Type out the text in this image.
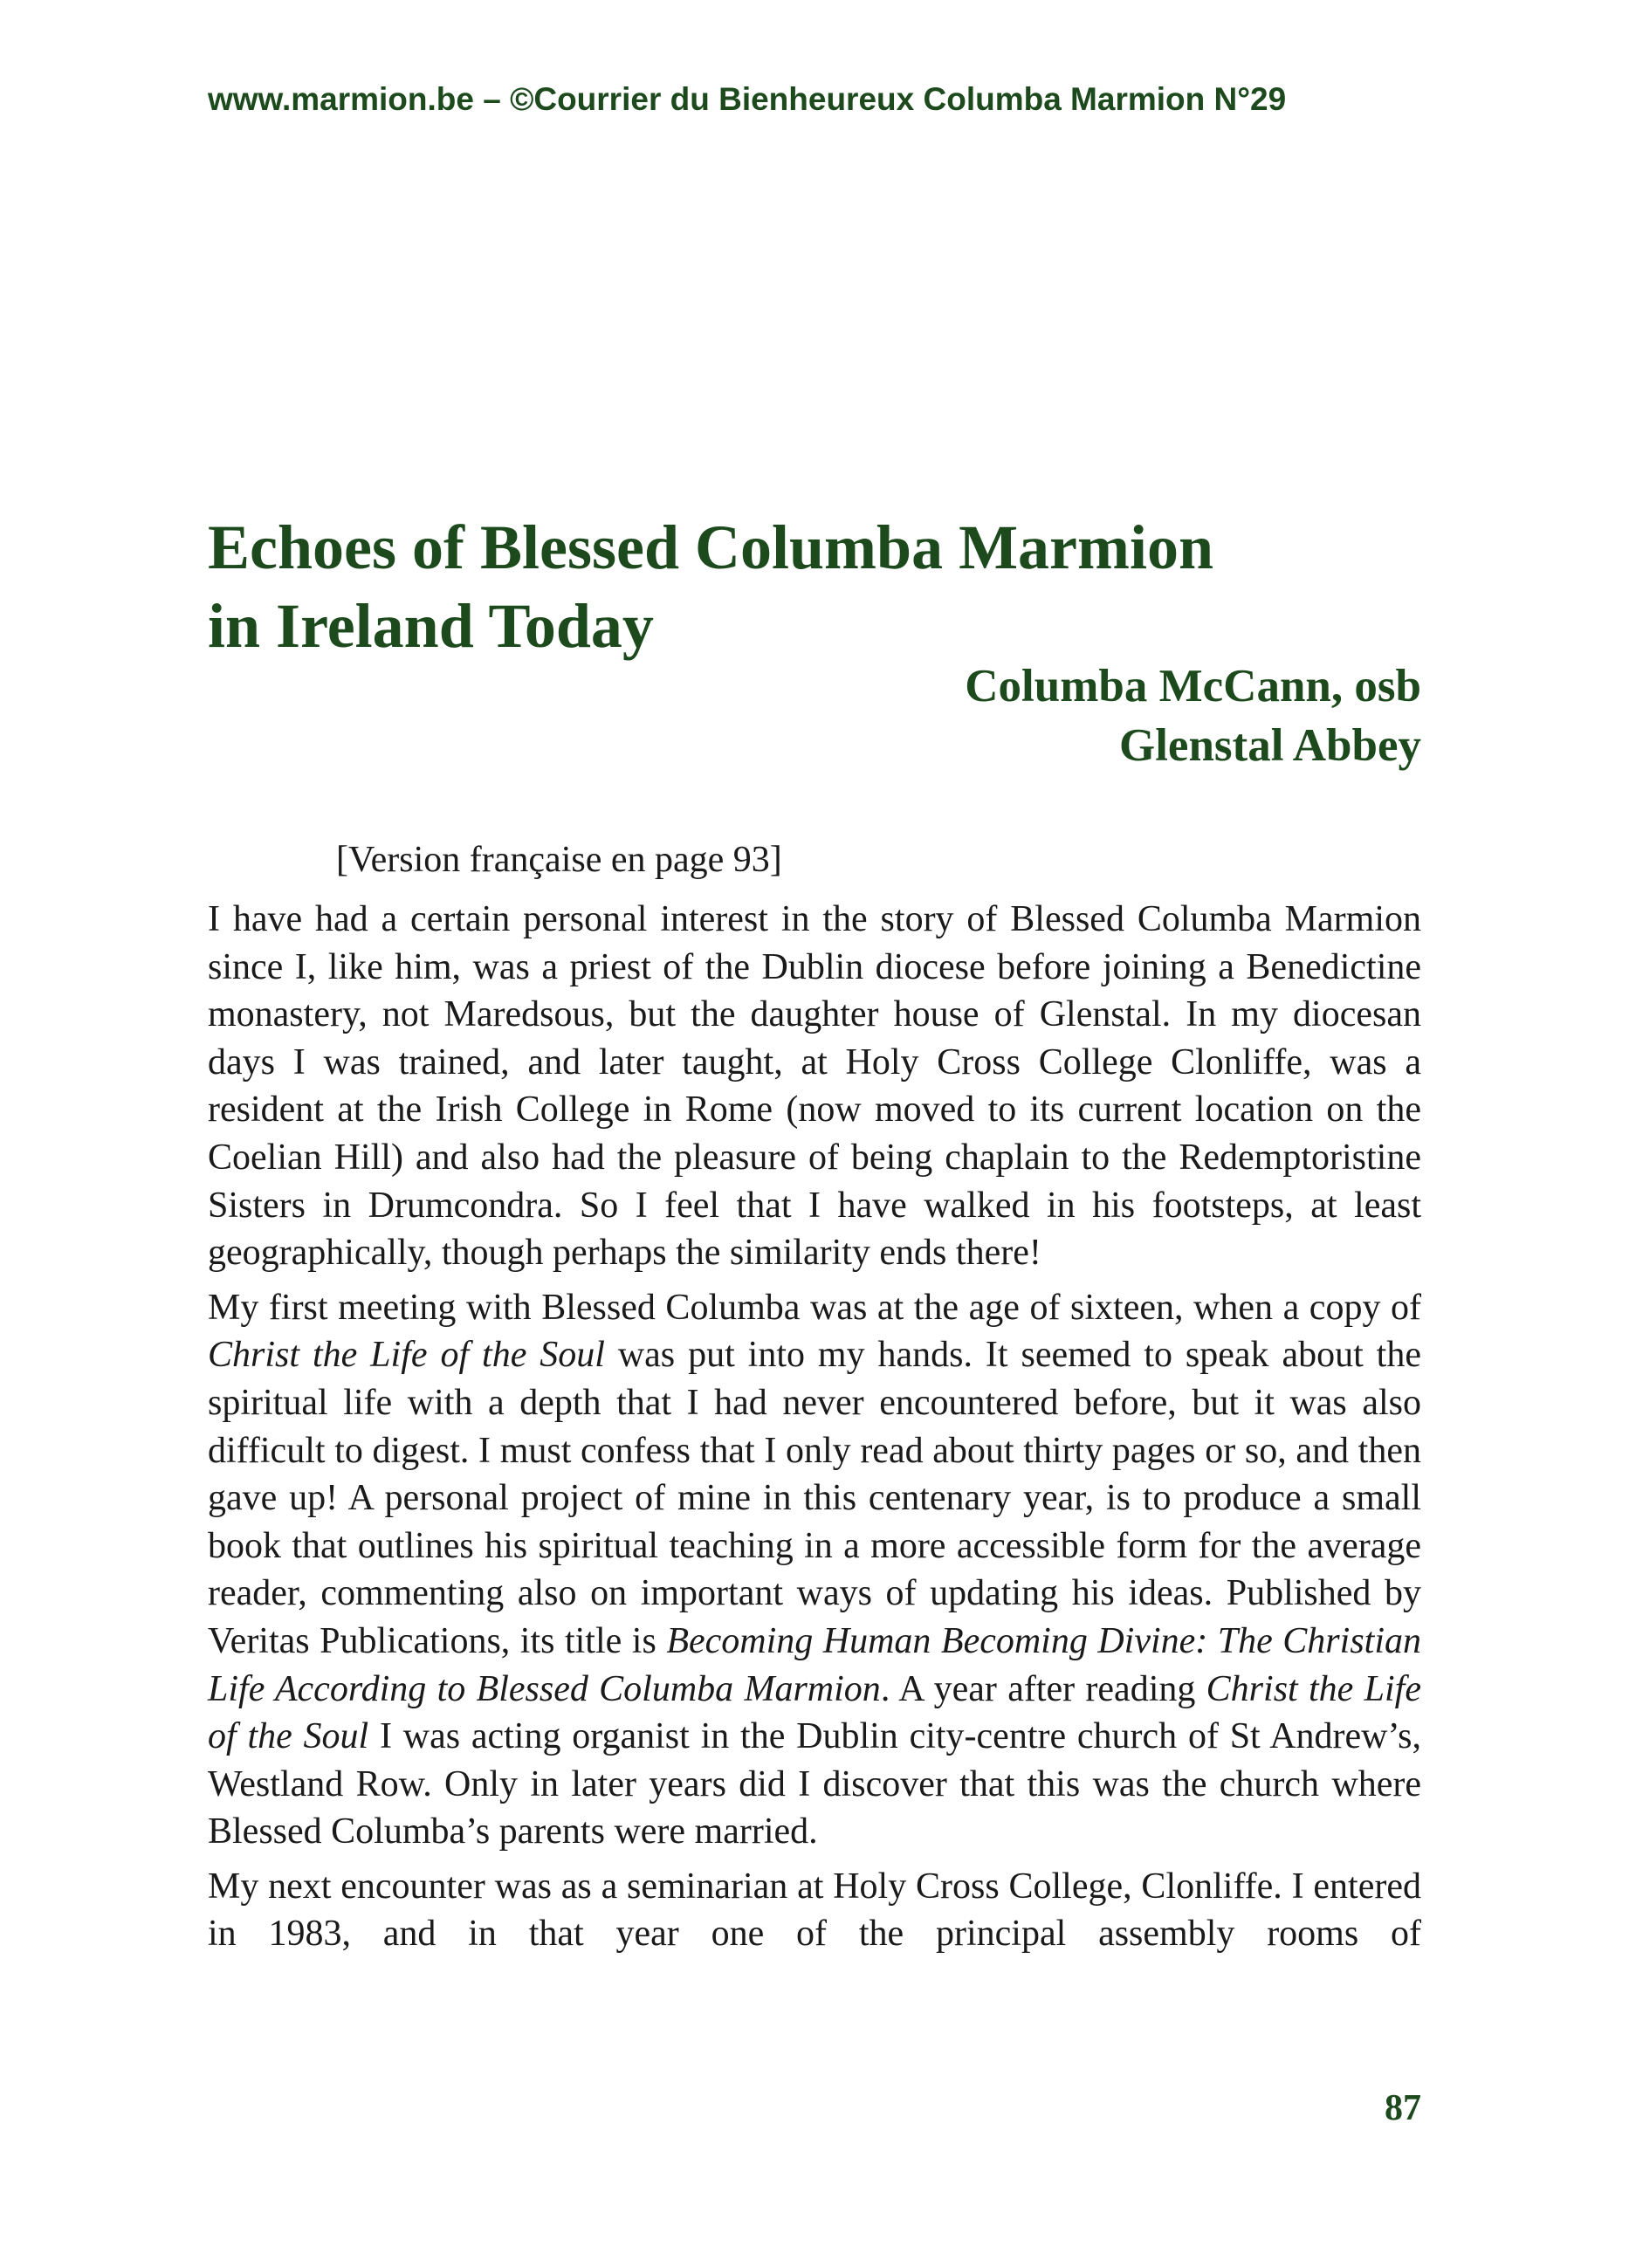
www.marmion.be – ©Courrier du Bienheureux Columba Marmion N°29
Echoes of Blessed Columba Marmion
in Ireland Today
Columba McCann, osb
Glenstal Abbey
[Version française en page 93]

I have had a certain personal interest in the story of Blessed Columba Marmion since I, like him, was a priest of the Dublin diocese before joining a Benedictine monastery, not Maredsous, but the daughter house of Glenstal. In my diocesan days I was trained, and later taught, at Holy Cross College Clonliffe, was a resident at the Irish College in Rome (now moved to its current location on the Coelian Hill) and also had the pleasure of being chaplain to the Redemptoristine Sisters in Drumcondra. So I feel that I have walked in his footsteps, at least geographically, though perhaps the similarity ends there!

My first meeting with Blessed Columba was at the age of sixteen, when a copy of Christ the Life of the Soul was put into my hands. It seemed to speak about the spiritual life with a depth that I had never encountered before, but it was also difficult to digest. I must confess that I only read about thirty pages or so, and then gave up! A personal project of mine in this centenary year, is to produce a small book that outlines his spiritual teaching in a more accessible form for the average reader, commenting also on important ways of updating his ideas. Published by Veritas Publications, its title is Becoming Human Becoming Divine: The Christian Life According to Blessed Columba Marmion. A year after reading Christ the Life of the Soul I was acting organist in the Dublin city-centre church of St Andrew’s, Westland Row. Only in later years did I discover that this was the church where Blessed Columba’s parents were married.

My next encounter was as a seminarian at Holy Cross College, Clonliffe. I entered in 1983, and in that year one of the principal assembly rooms of

87
